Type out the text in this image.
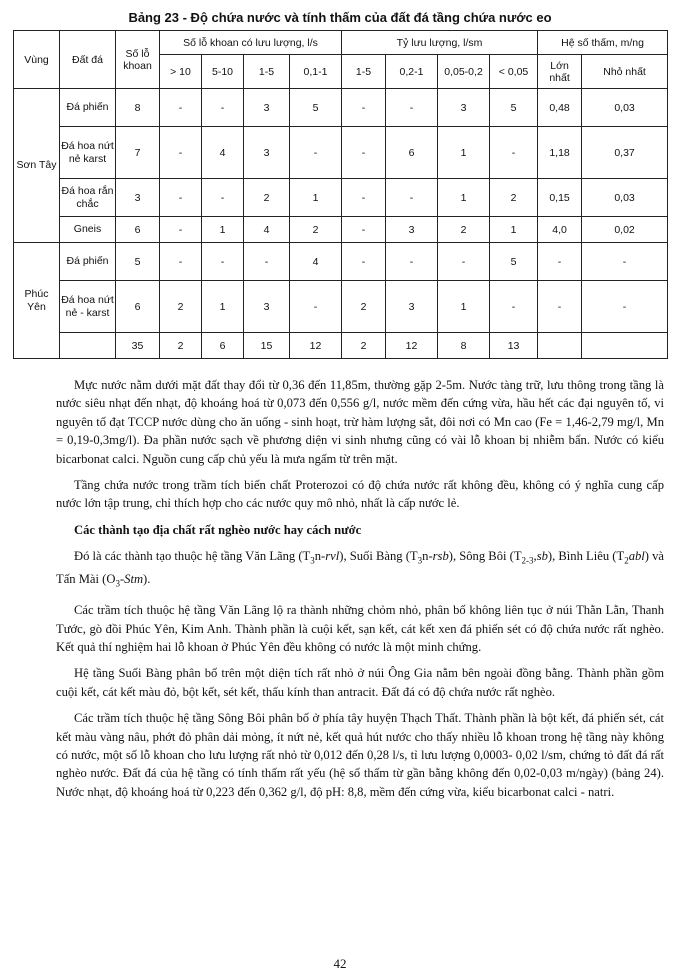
Bảng 23 - Độ chứa nước và tính thấm của đất đá tầng chứa nước eo
Vùng	Đất đá	Số lỗ khoan	Số lỗ khoan có lưu lượng, l/s				Tỷ lưu lượng, l/sm				Hệ số thấm, m/ng	
			> 10	5-10	1-5	0,1-1	1-5	0,2-1	0,05-0,2	< 0,05	Lớn nhất	Nhỏ nhất
Sơn Tây	Đá phiến	8	-	-	3	5	-	-	3	5	0,48	0,03
	Đá hoa nứt nẻ karst	7	-	4	3	-	-	6	1	-	1,18	0,37
	Đá hoa rắn chắc	3	-	-	2	1	-	-	1	2	0,15	0,03
	Gneis	6	-	1	4	2	-	3	2	1	4,0	0,02
Phúc Yên	Đá phiến	5	-	-	-	4	-	-	-	5	-	-
	Đá hoa nứt nẻ - karst	6	2	1	3	-	2	3	1	-	-	-
		35	2	6	15	12	2	12	8	13		

Mực nước nằm dưới mặt đất thay đổi từ 0,36 đến 11,85m, thường gặp 2-5m. Nước tàng trữ, lưu thông trong tầng là nước siêu nhạt đến nhạt, độ khoáng hoá từ 0,073 đến 0,556 g/l, nước mềm đến cứng vừa, hầu hết các đại nguyên tố, vi nguyên tố đạt TCCP nước dùng cho ăn uống - sinh hoạt, trừ hàm lượng sắt, đôi nơi có Mn cao (Fe = 1,46-2,79 mg/l, Mn = 0,19-0,3mg/l). Đa phần nước sạch về phương diện vi sinh nhưng cũng có vài lỗ khoan bị nhiễm bẩn. Nước có kiểu bicarbonat calci. Nguồn cung cấp chủ yếu là mưa ngấm từ trên mặt.

Tầng chứa nước trong trầm tích biến chất Proterozoi có độ chứa nước rất không đều, không có ý nghĩa cung cấp nước lớn tập trung, chỉ thích hợp cho các nước quy mô nhỏ, nhất là cấp nước lẻ.

Các thành tạo địa chất rất nghèo nước hay cách nước

Đó là các thành tạo thuộc hệ tầng Văn Lãng $(T_3n-rvl)$, Suối Bàng $(T_3n-rsb)$, Sông Bôi $(T_{2-3},sb)$, Bình Liêu $(T_2abl)$ và Tấn Mài $(O_3-Stm)$.

Các trầm tích thuộc hệ tầng Văn Lãng lộ ra thành những chỏm nhỏ, phân bố không liên tục ở núi Thằn Lằn, Thanh Tước, gò đồi Phúc Yên, Kim Anh. Thành phần là cuội kết, sạn kết, cát kết xen đá phiến sét có độ chứa nước rất nghèo. Kết quả thí nghiệm hai lỗ khoan ở Phúc Yên đều không có nước là một minh chứng.

Hệ tầng Suối Bàng phân bố trên một diện tích rất nhỏ ở núi Ông Gia nằm bên ngoài đồng bằng. Thành phần gồm cuội kết, cát kết màu đỏ, bột kết, sét kết, thấu kính than antracit. Đất đá có độ chứa nước rất nghèo.

Các trầm tích thuộc hệ tầng Sông Bôi phân bố ở phía tây huyện Thạch Thất. Thành phần là bột kết, đá phiến sét, cát kết màu vàng nâu, phớt đỏ phân dải mỏng, ít nứt nẻ, kết quả hút nước cho thấy nhiều lỗ khoan trong hệ tầng này không có nước, một số lỗ khoan cho lưu lượng rất nhỏ từ 0,012 đến 0,28 l/s, tỉ lưu lượng 0,0003- 0,02 l/sm, chứng tỏ đất đá rất nghèo nước. Đất đá của hệ tầng có tính thấm rất yếu (hệ số thấm từ gần bằng không đến 0,02-0,03 m/ngày) (bảng 24). Nước nhạt, độ khoáng hoá từ 0,223 đến 0,362 g/l, độ pH: 8,8, mềm đến cứng vừa, kiểu bicarbonat calci - natri.

42
